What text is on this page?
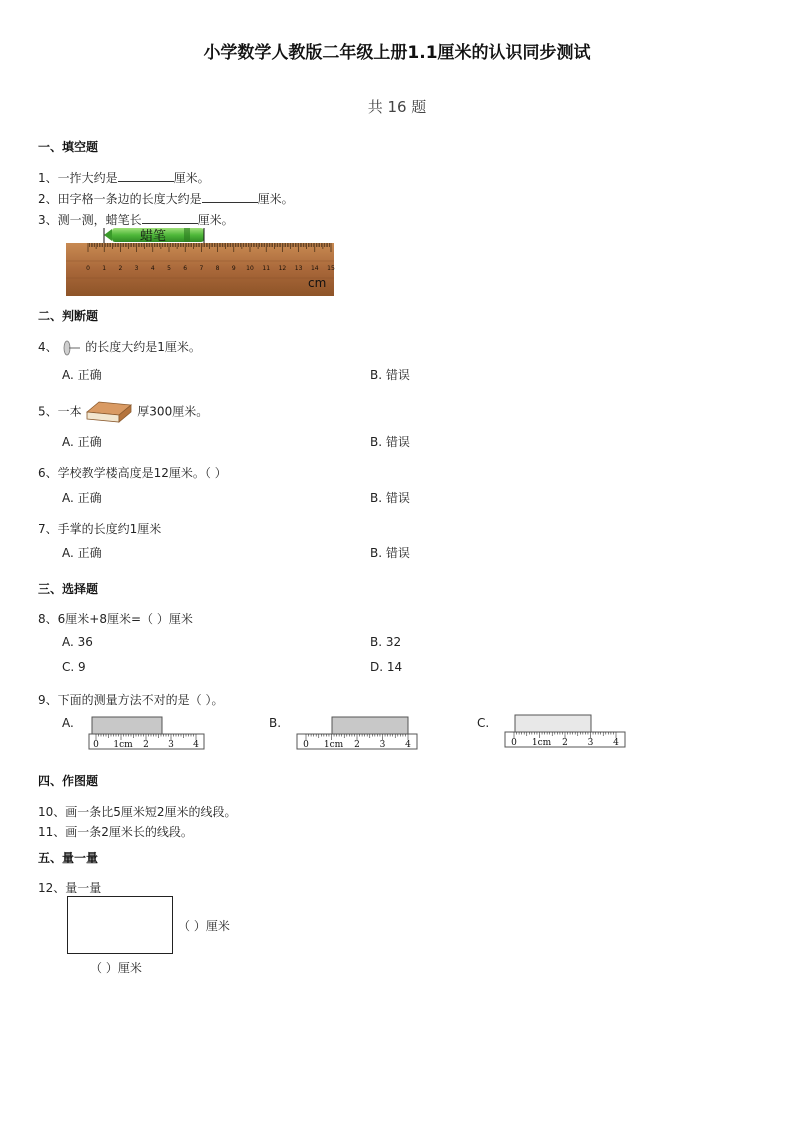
小学数学人教版二年级上册1.1厘米的认识同步测试
共 16 题
一、填空题
1、一拃大约是	厘米。
2、田字格一条边的长度大约是	厘米。
3、测一测，蜡笔长	厘米。
0 1 2 3 4 5 6 7 8 9 10 11 12 13 14 15
cm
蜡笔
二、判断题
4、 的长度大约是1厘米。
A. 正确	B. 错误
5、一本	厚300厘米。
A. 正确	B. 错误
6、学校教学楼高度是12厘米。（ ）
A. 正确	B. 错误
7、手掌的长度约1厘米
A. 正确	B. 错误
三、选择题
8、6厘米+8厘米=（ ）厘米
A. 36	B. 32
C. 9	D. 14
9、下面的测量方法不对的是（ ）。
A.	B.	C.
0 1cm 2 3 4	0 1cm 2 3 4	0 1cm 2 3 4
四、作图题
10、画一条比5厘米短2厘米的线段。
11、画一条2厘米长的线段。
五、量一量
12、量一量
（ ）厘米
（ ）厘米
